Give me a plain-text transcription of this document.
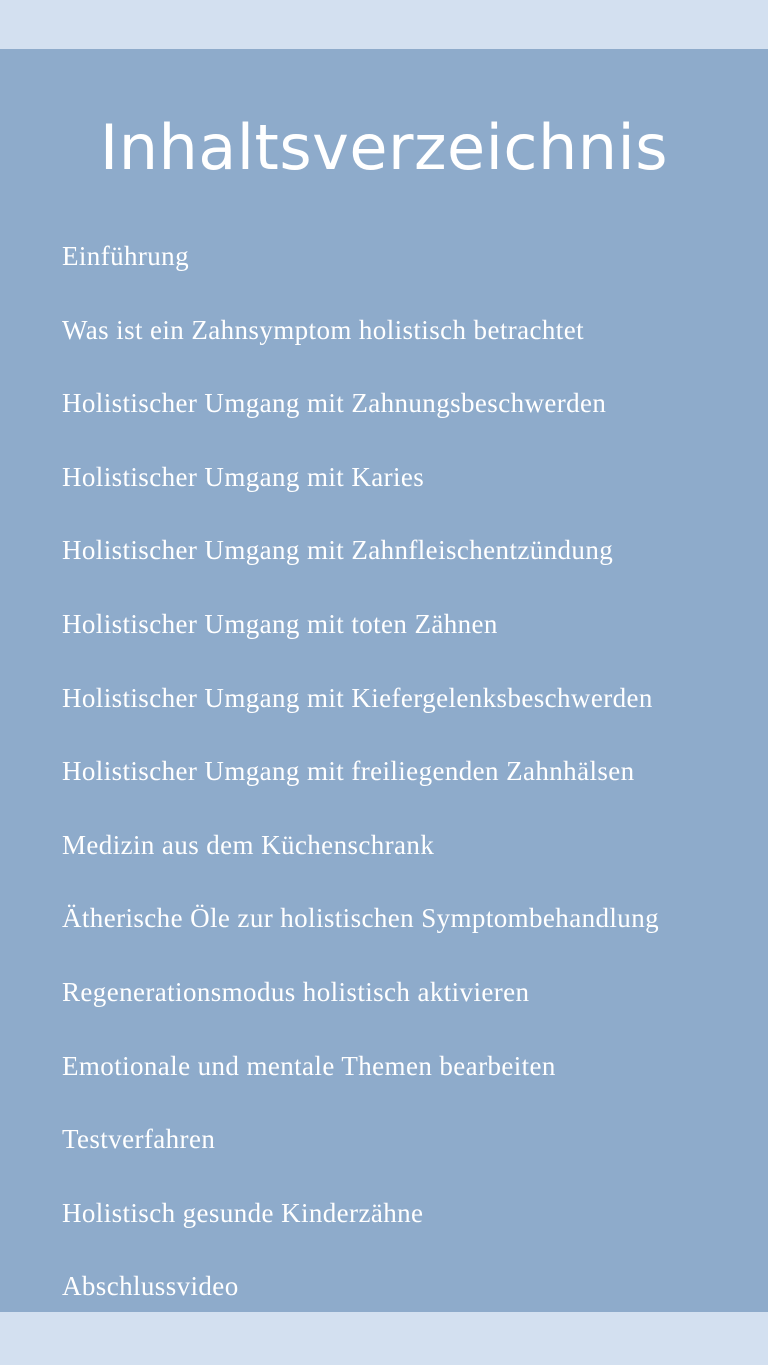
Inhaltsverzeichnis
Einführung
Was ist ein Zahnsymptom holistisch betrachtet
Holistischer Umgang mit Zahnungsbeschwerden
Holistischer Umgang mit Karies
Holistischer Umgang mit Zahnfleischentzündung
Holistischer Umgang mit toten Zähnen
Holistischer Umgang mit Kiefergelenksbeschwerden
Holistischer Umgang mit freiliegenden Zahnhälsen
Medizin aus dem Küchenschrank
Ätherische Öle zur holistischen Symptombehandlung
Regenerationsmodus holistisch aktivieren
Emotionale und mentale Themen bearbeiten
Testverfahren
Holistisch gesunde Kinderzähne
Abschlussvideo
